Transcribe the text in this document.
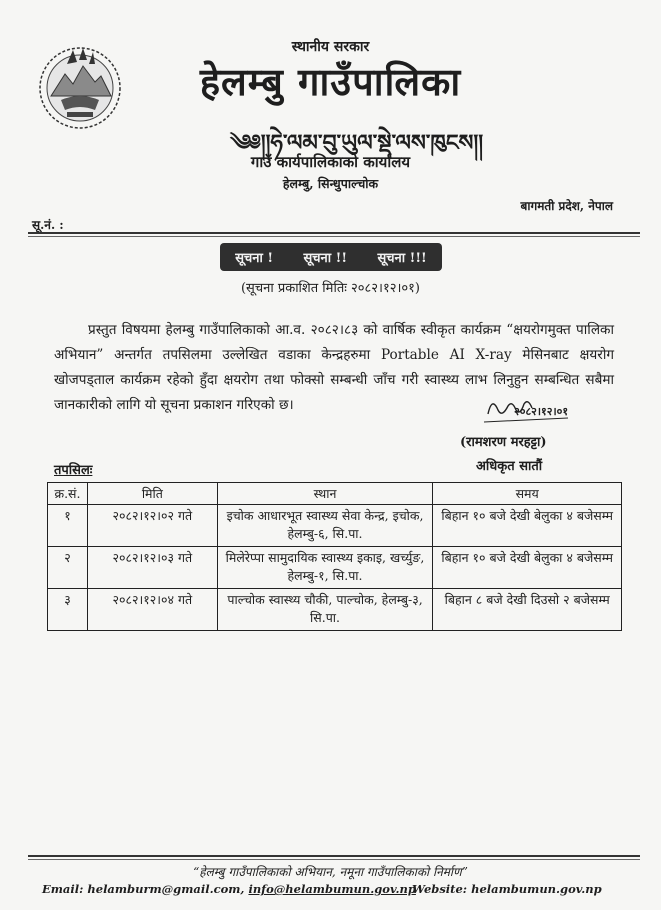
स्थानीय सरकार
हेलम्बु गाउँपालिका
༄༅།།ཧེ་ལམ་བུ་ཡུལ་སྡེ་ལས་ཁུངས།།
गाउँ कार्यपालिकाको कार्यालय
हेलम्बु, सिन्धुपाल्चोक
बागमती प्रदेश, नेपाल
सू.नं. :
सूचना ! सूचना !! सूचना !!!
(सूचना प्रकाशित मितिः २०८२।१२।०१)
प्रस्तुत विषयमा हेलम्बु गाउँपालिकाको आ.व. २०८२।८३ को वार्षिक स्वीकृत कार्यक्रम “क्षयरोगमुक्त पालिका अभियान” अन्तर्गत तपसिलमा उल्लेखित वडाका केन्द्रहरुमा Portable AI X-ray मेसिनबाट क्षयरोग खोजपड्ताल कार्यक्रम रहेको हुँदा क्षयरोग तथा फोक्सो सम्बन्धी जाँच गरी स्वास्थ्य लाभ लिनुहुन सम्बन्धित सबैमा जानकारीको लागि यो सूचना प्रकाशन गरिएको छ।	२०८२।१२।०१
(रामशरण मरहट्टा)
अधिकृत सातौं
तपसिलः
क्र.सं.	मिति	स्थान	समय
१	२०८२।१२।०२ गते	इचोक आधारभूत स्वास्थ्य सेवा केन्द्र, इचोक, हेलम्बु-६, सि.पा.	बिहान १० बजे देखी बेलुका ४ बजेसम्म
२	२०८२।१२।०३ गते	मिलेरेप्पा सामुदायिक स्वास्थ्य इकाइ, खर्च्युङ, हेलम्बु-१, सि.पा.	बिहान १० बजे देखी बेलुका ४ बजेसम्म
३	२०८२।१२।०४ गते	पाल्चोक स्वास्थ्य चौकी, पाल्चोक, हेलम्बु-३, सि.पा.	बिहान ८ बजे देखी दिउसो २ बजेसम्म
“हेलम्बु गाउँपालिकाको अभियान, नमूना गाउँपालिकाको निर्माण”
Email: helamburm@gmail.com, info@helambumun.gov.np
Website: helambumun.gov.np
